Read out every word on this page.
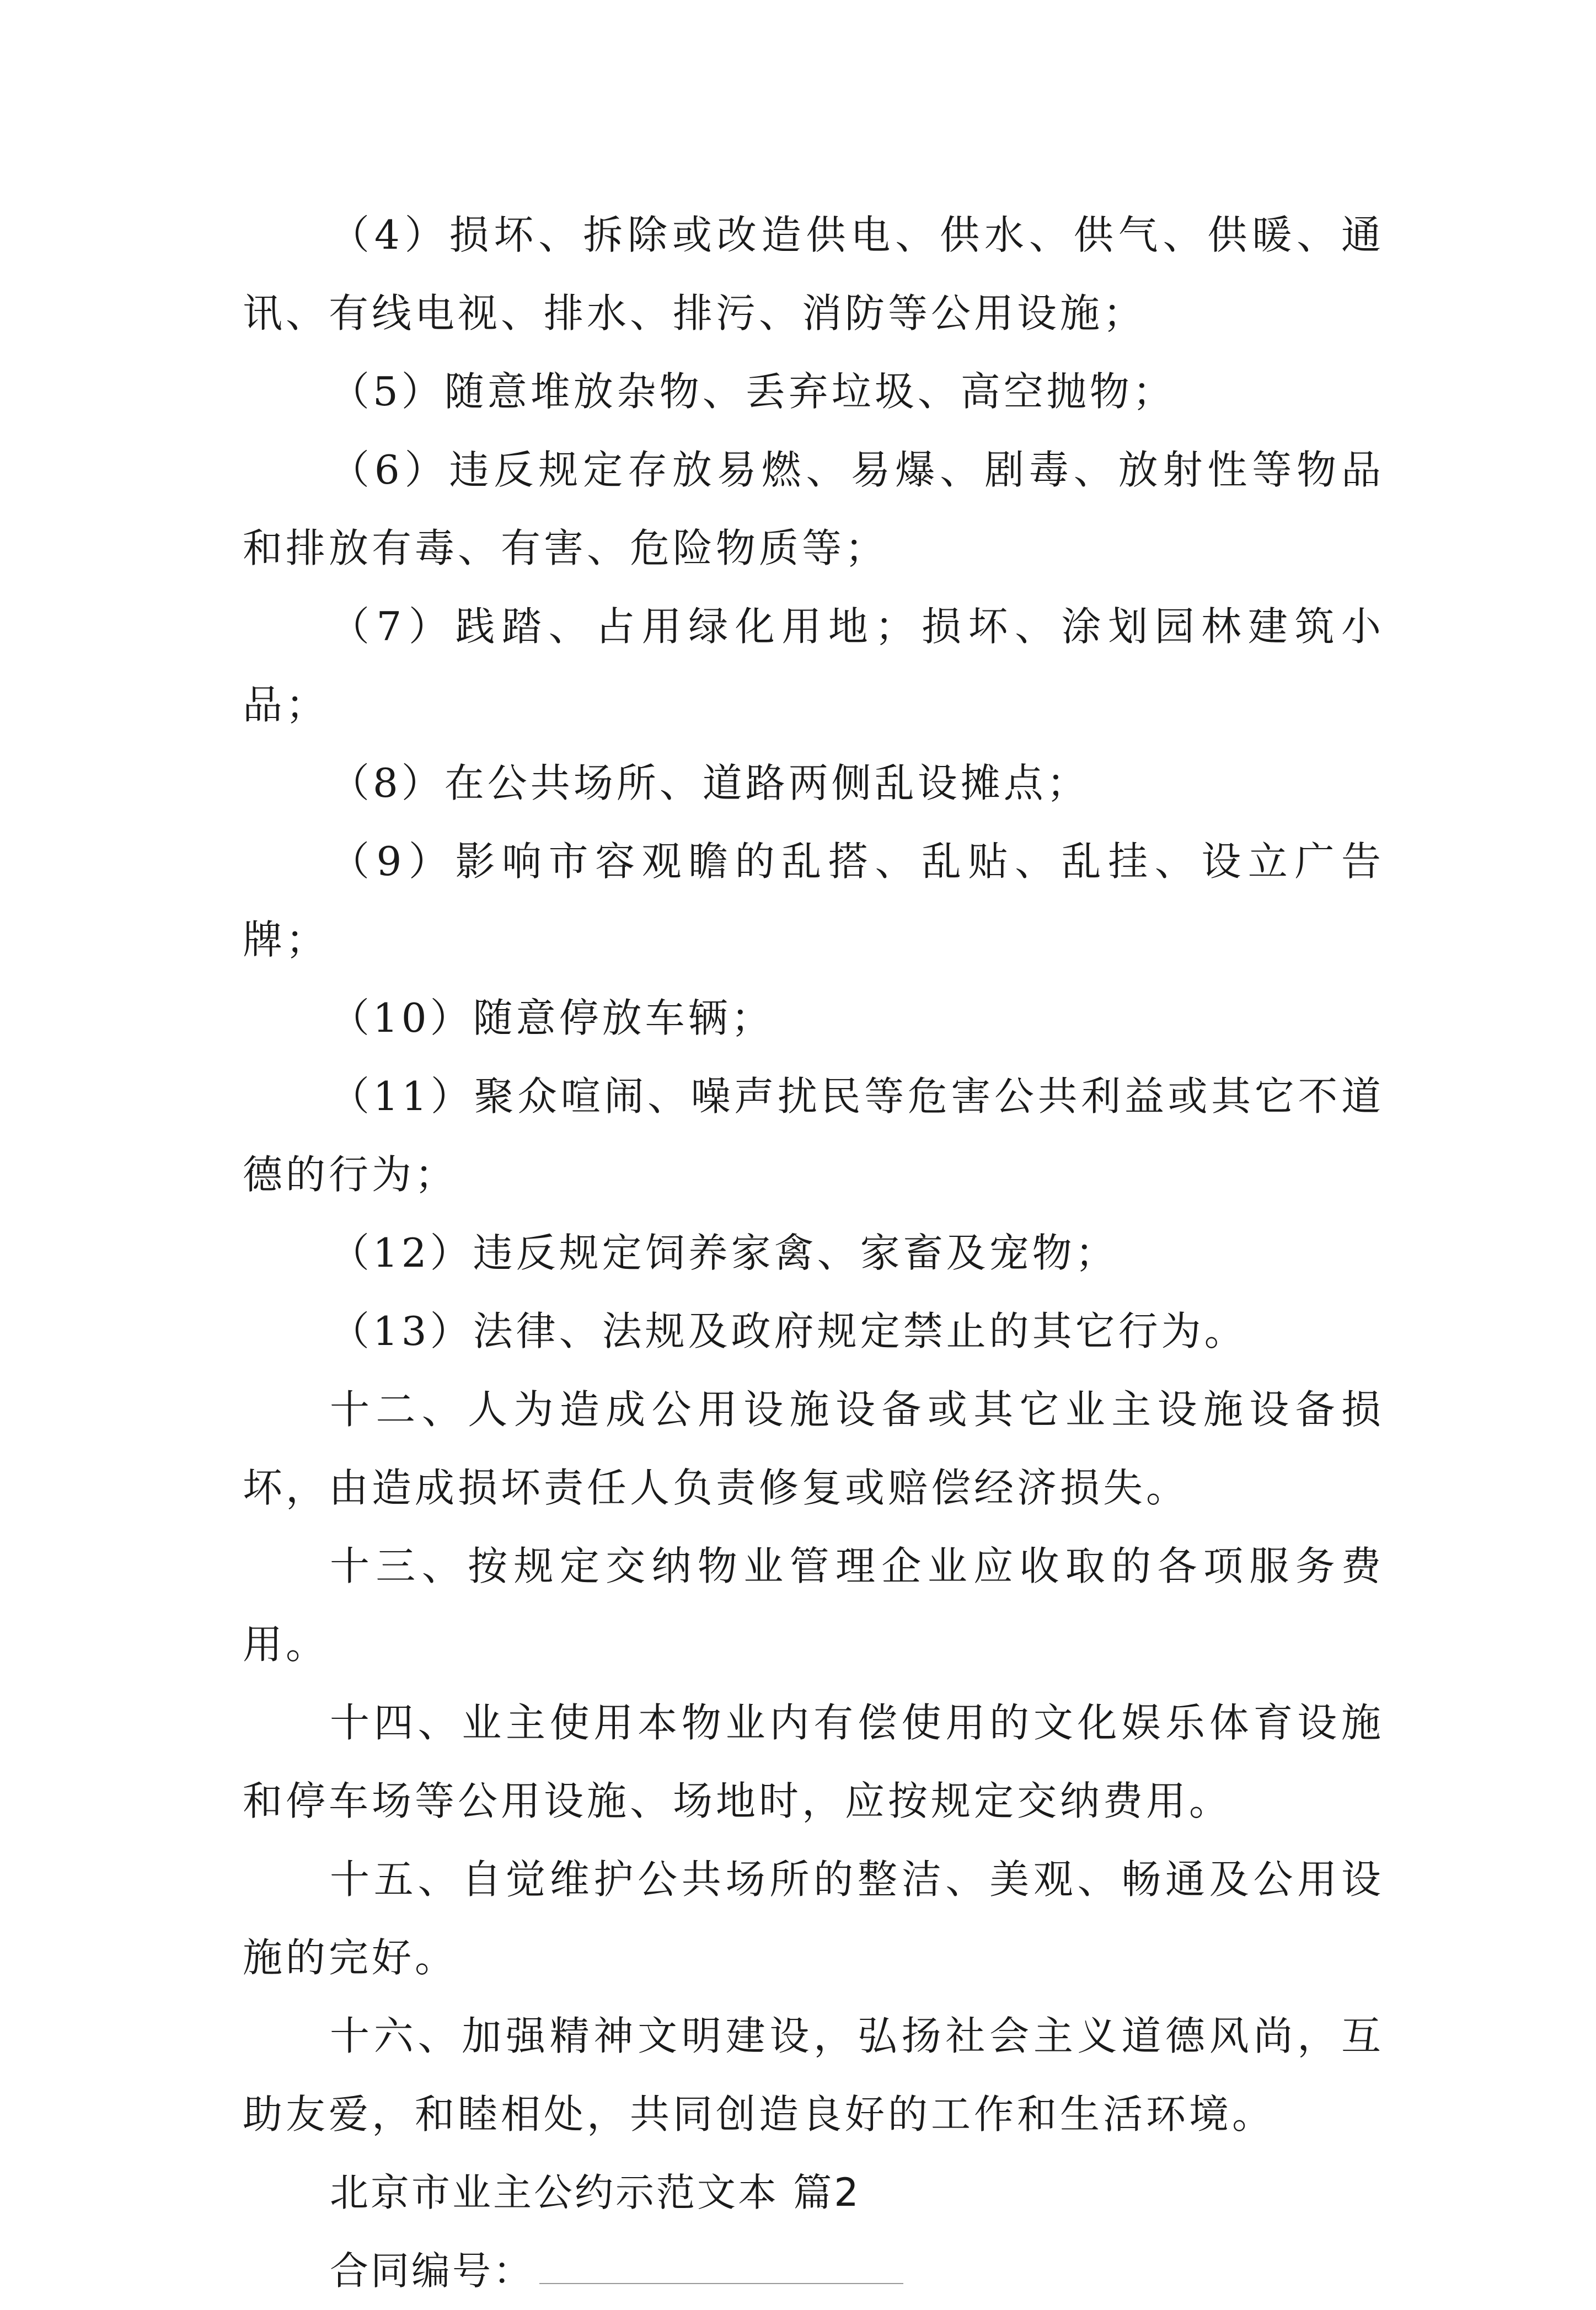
（4）损坏、拆除或改造供电、供水、供气、供暖、通讯、有线电视、排水、排污、消防等公用设施；

（5）随意堆放杂物、丢弃垃圾、高空抛物；

（6）违反规定存放易燃、易爆、剧毒、放射性等物品和排放有毒、有害、危险物质等；

（7）践踏、占用绿化用地；损坏、涂划园林建筑小品；

（8）在公共场所、道路两侧乱设摊点；

（9）影响市容观瞻的乱搭、乱贴、乱挂、设立广告牌；

（10）随意停放车辆；

（11）聚众喧闹、噪声扰民等危害公共利益或其它不道德的行为；

（12）违反规定饲养家禽、家畜及宠物；

（13）法律、法规及政府规定禁止的其它行为。

十二、人为造成公用设施设备或其它业主设施设备损坏，由造成损坏责任人负责修复或赔偿经济损失。

十三、按规定交纳物业管理企业应收取的各项服务费用。

十四、业主使用本物业内有偿使用的文化娱乐体育设施和停车场等公用设施、场地时，应按规定交纳费用。

十五、自觉维护公共场所的整洁、美观、畅通及公用设施的完好。

十六、加强精神文明建设，弘扬社会主义道德风尚，互助友爱，和睦相处，共同创造良好的工作和生活环境。

北京市业主公约示范文本 篇2

合同编号：
